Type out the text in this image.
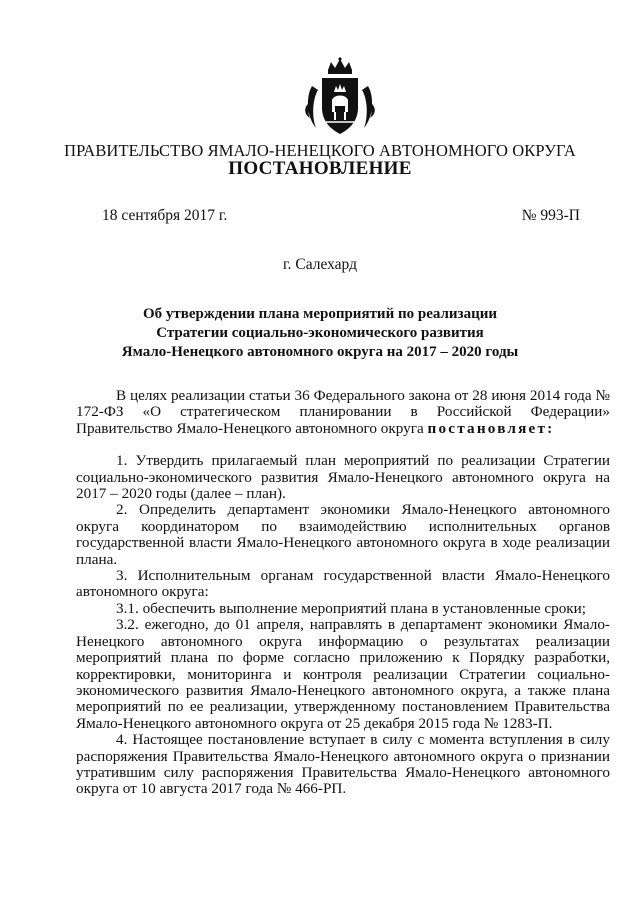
ПРАВИТЕЛЬСТВО ЯМАЛО-НЕНЕЦКОГО АВТОНОМНОГО ОКРУГА
ПОСТАНОВЛЕНИЕ
18 сентября 2017 г.	№ 993-П
г. Салехард
Об утверждении плана мероприятий по реализации
Стратегии социально-экономического развития
Ямало-Ненецкого автономного округа на 2017 – 2020 годы

В целях реализации статьи 36 Федерального закона от 28 июня 2014 года № 172-ФЗ «О стратегическом планировании в Российской Федерации» Правительство Ямало-Ненецкого автономного округа постановляет:

1. Утвердить прилагаемый план мероприятий по реализации Стратегии социально-экономического развития Ямало-Ненецкого автономного округа на 2017 – 2020 годы (далее – план).

2. Определить департамент экономики Ямало-Ненецкого автономного округа координатором по взаимодействию исполнительных органов государственной власти Ямало-Ненецкого автономного округа в ходе реализации плана.

3. Исполнительным органам государственной власти Ямало-Ненецкого автономного округа:

3.1. обеспечить выполнение мероприятий плана в установленные сроки;

3.2. ежегодно, до 01 апреля, направлять в департамент экономики Ямало-Ненецкого автономного округа информацию о результатах реализации мероприятий плана по форме согласно приложению к Порядку разработки, корректировки, мониторинга и контроля реализации Стратегии социально-экономического развития Ямало-Ненецкого автономного округа, а также плана мероприятий по ее реализации, утвержденному постановлением Правительства Ямало-Ненецкого автономного округа от 25 декабря 2015 года № 1283-П.

4. Настоящее постановление вступает в силу с момента вступления в силу распоряжения Правительства Ямало-Ненецкого автономного округа о признании утратившим силу распоряжения Правительства Ямало-Ненецкого автономного округа от 10 августа 2017 года № 466-РП.
